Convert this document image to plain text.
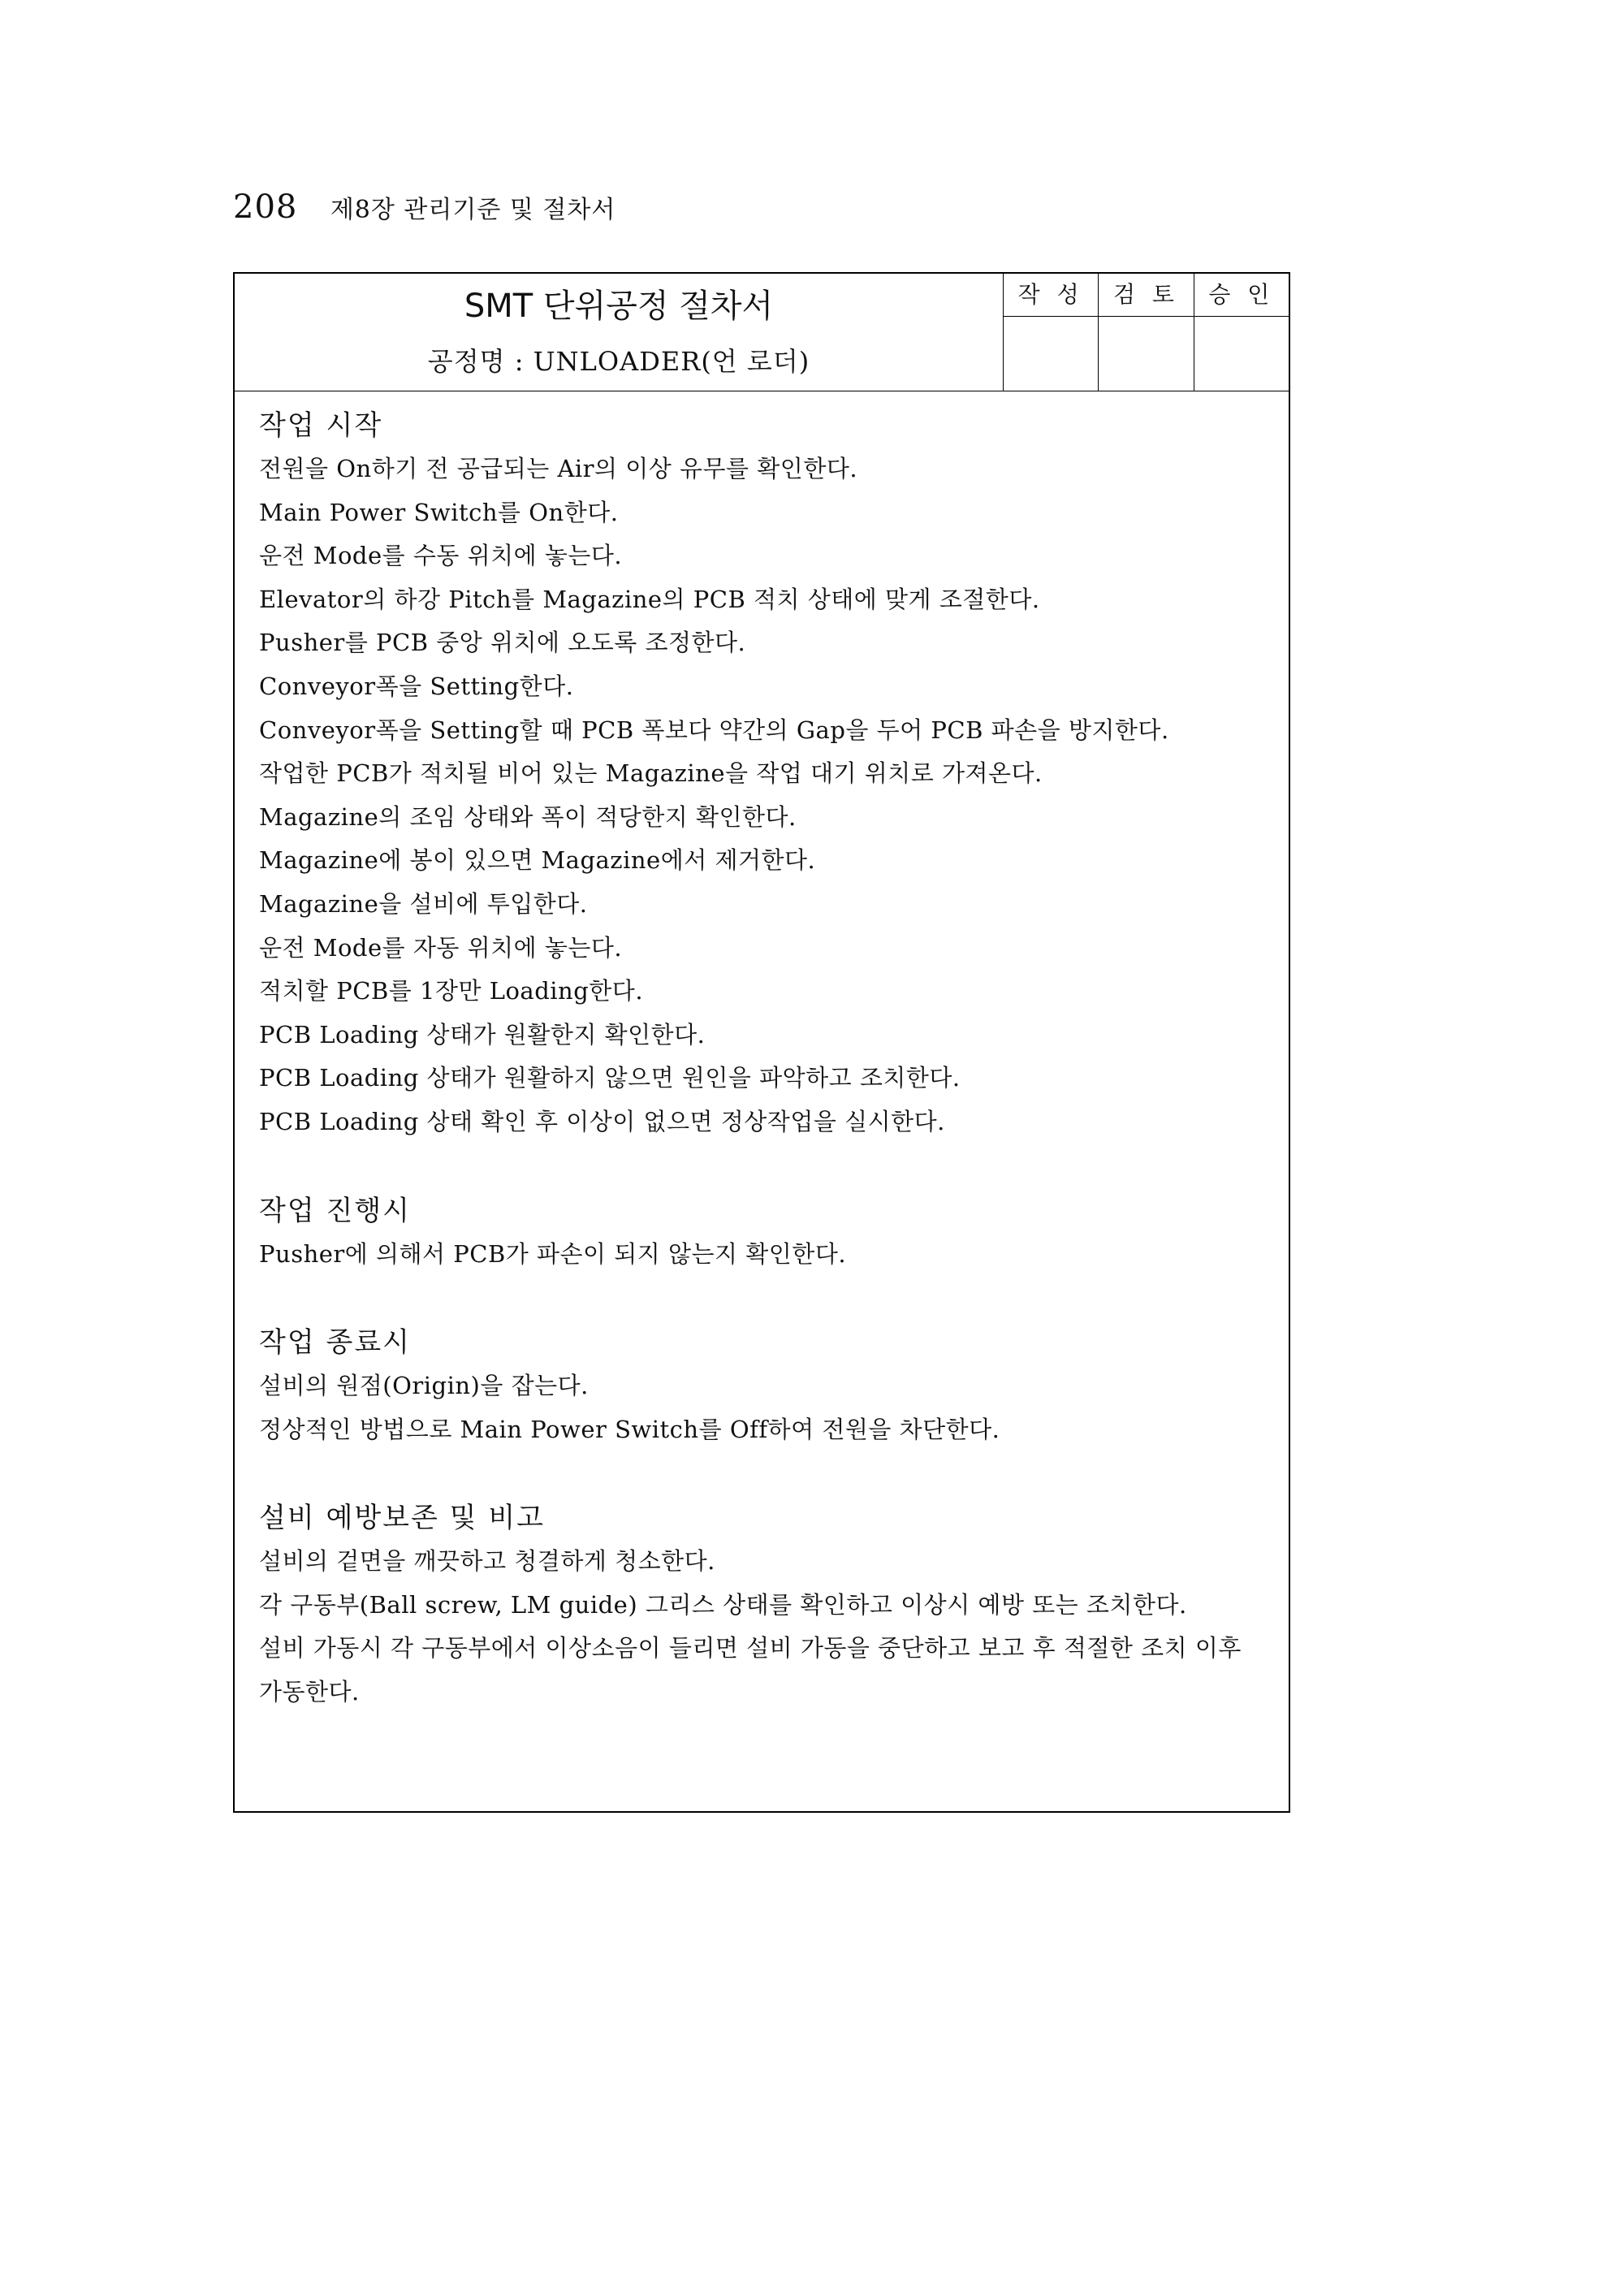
208 제8장 관리기준 및 절차서
SMT 단위공정 절차서
공정명 : UNLOADER(언 로더)
작 성	검 토	승 인
작업 시작
전원을 On하기 전 공급되는 Air의 이상 유무를 확인한다.
Main Power Switch를 On한다.
운전 Mode를 수동 위치에 놓는다.
Elevator의 하강 Pitch를 Magazine의 PCB 적치 상태에 맞게 조절한다.
Pusher를 PCB 중앙 위치에 오도록 조정한다.
Conveyor폭을 Setting한다.
Conveyor폭을 Setting할 때 PCB 폭보다 약간의 Gap을 두어 PCB 파손을 방지한다.
작업한 PCB가 적치될 비어 있는 Magazine을 작업 대기 위치로 가져온다.
Magazine의 조임 상태와 폭이 적당한지 확인한다.
Magazine에 봉이 있으면 Magazine에서 제거한다.
Magazine을 설비에 투입한다.
운전 Mode를 자동 위치에 놓는다.
적치할 PCB를 1장만 Loading한다.
PCB Loading 상태가 원활한지 확인한다.
PCB Loading 상태가 원활하지 않으면 원인을 파악하고 조치한다.
PCB Loading 상태 확인 후 이상이 없으면 정상작업을 실시한다.
작업 진행시
Pusher에 의해서 PCB가 파손이 되지 않는지 확인한다.
작업 종료시
설비의 원점(Origin)을 잡는다.
정상적인 방법으로 Main Power Switch를 Off하여 전원을 차단한다.
설비 예방보존 및 비고
설비의 겉면을 깨끗하고 청결하게 청소한다.
각 구동부(Ball screw, LM guide) 그리스 상태를 확인하고 이상시 예방 또는 조치한다.
설비 가동시 각 구동부에서 이상소음이 들리면 설비 가동을 중단하고 보고 후 적절한 조치 이후
가동한다.
